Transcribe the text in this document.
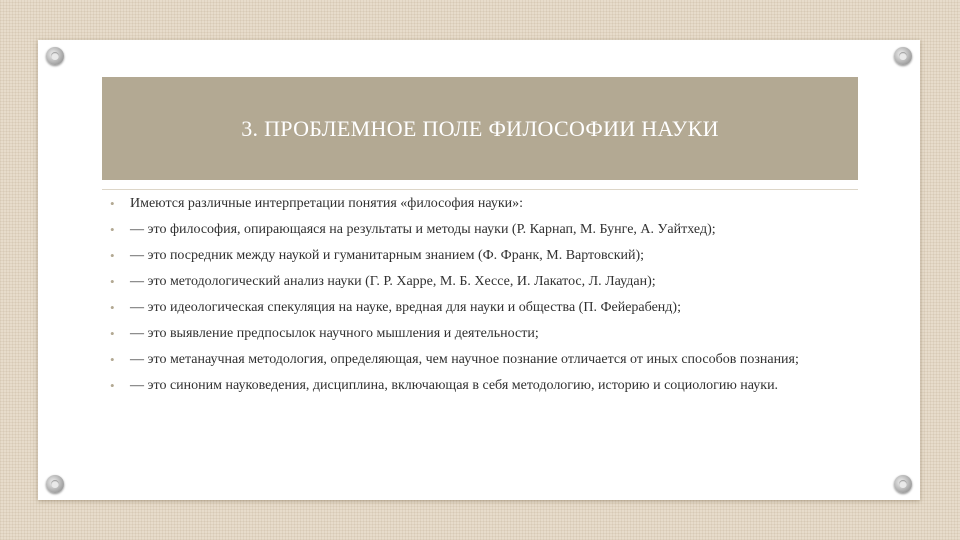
3. ПРОБЛЕМНОЕ ПОЛЕ ФИЛОСОФИИ НАУКИ
• Имеются различные интерпретации понятия «философия науки»:
• — это философия, опирающаяся на результаты и методы науки (Р. Карнап, М. Бунге, А. Уайтхед);
• — это посредник между наукой и гуманитарным знанием (Ф. Франк, М. Вартовский);
• — это методологический анализ науки (Г. Р. Харре, М. Б. Хессе, И. Лакатос, Л. Лаудан);
• — это идеологическая спекуляция на науке, вредная для науки и общества (П. Фейерабенд);
• — это выявление предпосылок научного мышления и деятельности;
• — это метанаучная методология, определяющая, чем научное познание отличается от иных способов познания;
• — это синоним науковедения, дисциплина, включающая в себя методологию, историю и социологию науки.
